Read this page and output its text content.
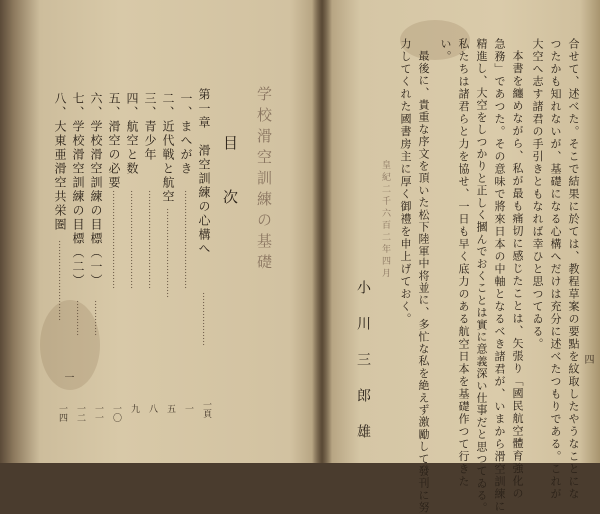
学校滑空訓練の基礎
目　次
第一章　滑空訓練の心構へ
………………
一頁
一、まへがき
……………………………
一
二、近代戦と航空
…………………………
五
三、青少年
……………………………
八
四、航空と数
……………………………
九
五、滑空の必要
……………………………
一〇
六、学校滑空訓練の目標（一）
…………
一一
七、学校滑空訓練の目標（二）
…………
一二
八、大東亜滑空共栄圏
………………………
一四
一	合せて、述べた。そこで結果に於ては、教程草案の要點を紋取したやうなことにな
つたかも知れないが、基礎になる心構へだけは充分に述べたつもりである。これが
大空へ志す諸君の手引きともなれば幸ひと思つてゐる。
本書を纏めながら、私が最も痛切に感じたことは、矢張り「國民航空體育強化の
急務」であつた。その意味で將來日本の中軸となるべき諸君が、いまから滑空訓練に
精進し、大空をしつかりと正しく摑んでおくことは實に意義深い仕事だと思つてゐる。
私たちは諸君らと力を協せ、一日も早く底力のある航空日本を基礎作つて行きた
い。
最後に、貴重な序文を頂いた松下陸軍中将並に、多忙な私を絶えず激勵して發刊に努
力してくれた國書房主に厚く御禮を申上げておく。
皇紀二千六百二年四月
小　川　三　郎　雄	四
